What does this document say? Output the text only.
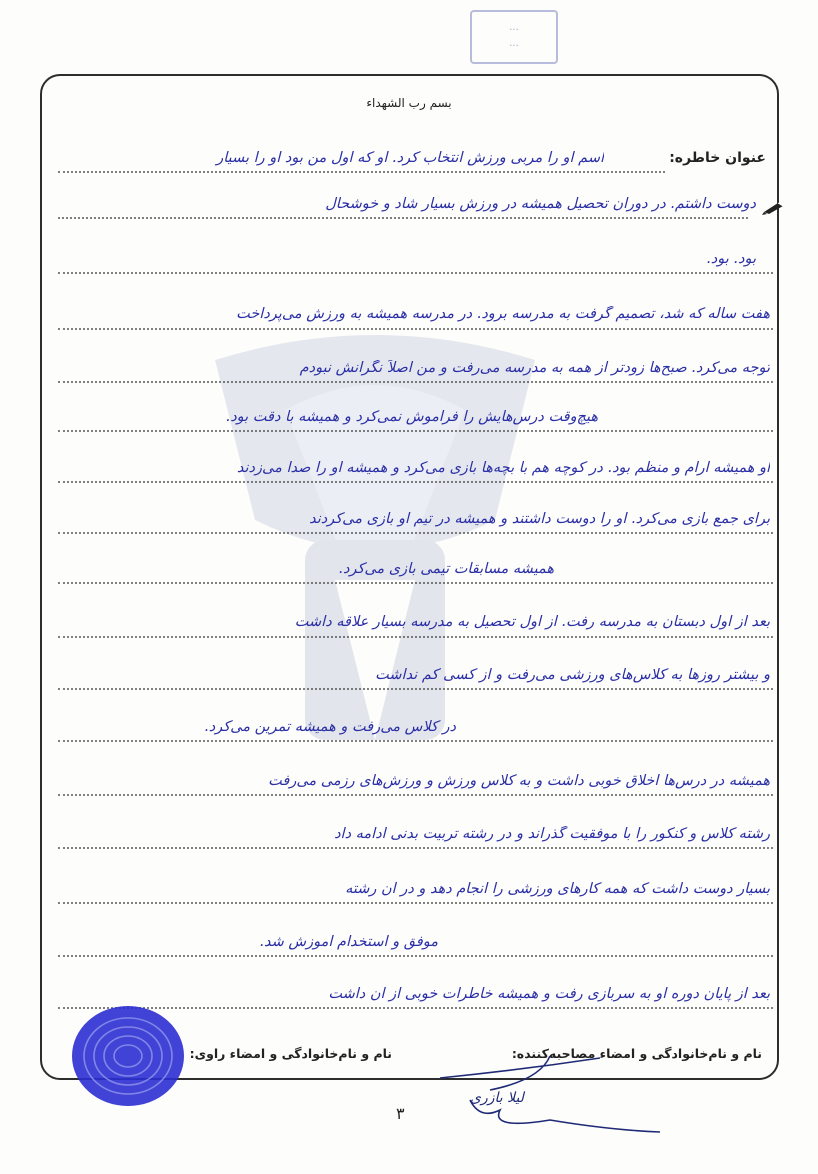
...
...
بسم رب الشهداء
عنوان خاطره:
اسم او را مربی ورزش انتخاب کرد. او که اول من بود او را بسیار
دوست داشتم. در دوران تحصیل همیشه در ورزش بسیار شاد و خوشحال
بود. بود.
هفت ساله که شد، تصمیم گرفت به مدرسه برود. در مدرسه همیشه به ورزش می‌پرداخت
توجه می‌کرد. صبح‌ها زودتر از همه به مدرسه می‌رفت و من اصلاً نگرانش نبودم
هیچ‌وقت درس‌هایش را فراموش نمی‌کرد و همیشه با دقت بود.
او همیشه آرام و منظم بود. در کوچه هم با بچه‌ها بازی می‌کرد و همیشه او را صدا می‌زدند
برای جمع بازی می‌کرد. او را دوست داشتند و همیشه در تیم او بازی می‌کردند
همیشه مسابقات تیمی بازی می‌کرد.
بعد از اول دبستان به مدرسه رفت. از اول تحصیل به مدرسه بسیار علاقه داشت
و بیشتر روزها به کلاس‌های ورزشی می‌رفت و از کسی کم نداشت
در کلاس می‌رفت و همیشه تمرین می‌کرد.
همیشه در درس‌ها اخلاق خوبی داشت و به کلاس ورزش و ورزش‌های رزمی می‌رفت
رشته کلاس و کنکور را با موفقیت گذراند و در رشته تربیت بدنی ادامه داد
بسیار دوست داشت که همه کارهای ورزشی را انجام دهد و در آن رشته
موفق و استخدام آموزش شد.
بعد از پایان دوره او به سربازی رفت و همیشه خاطرات خوبی از آن داشت
نام و نام‌خانوادگی و امضاء مصاحبه‌کننده:
نام و نام‌خانوادگی و امضاء راوی:
لیلا بازری
۳
